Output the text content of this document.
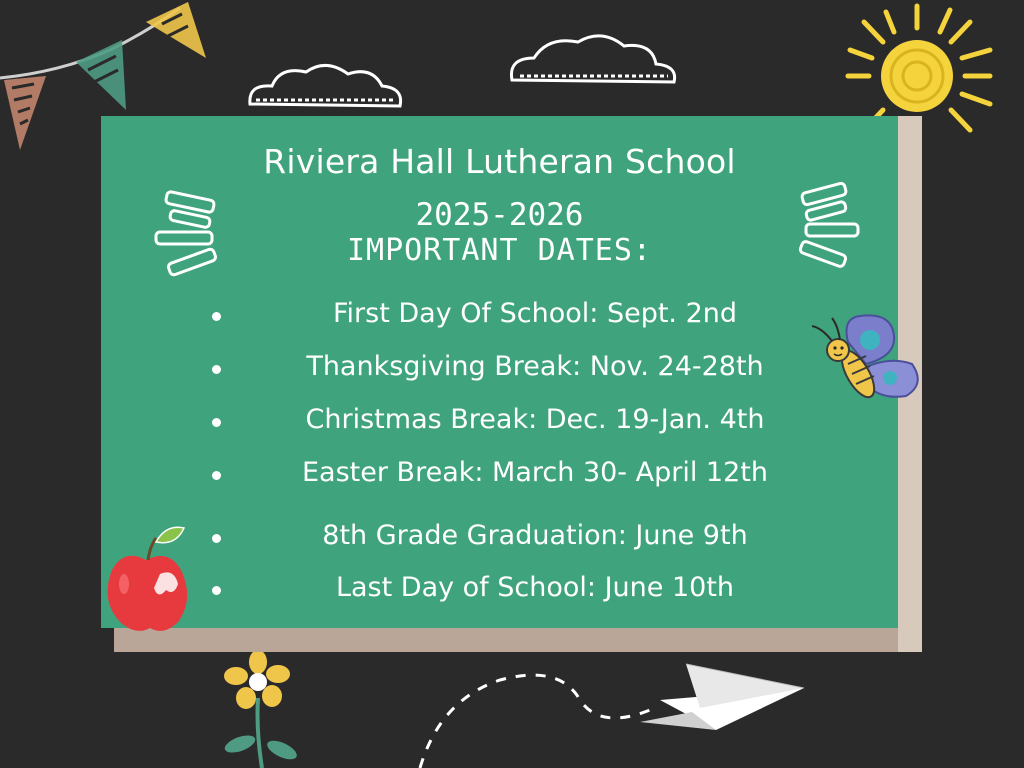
Riviera Hall Lutheran School
2025-2026
IMPORTANT DATES:
First Day Of School: Sept. 2nd
Thanksgiving Break: Nov. 24-28th
Christmas Break: Dec. 19-Jan. 4th
Easter Break: March 30- April 12th
8th Grade Graduation: June 9th
Last Day of School: June 10th
